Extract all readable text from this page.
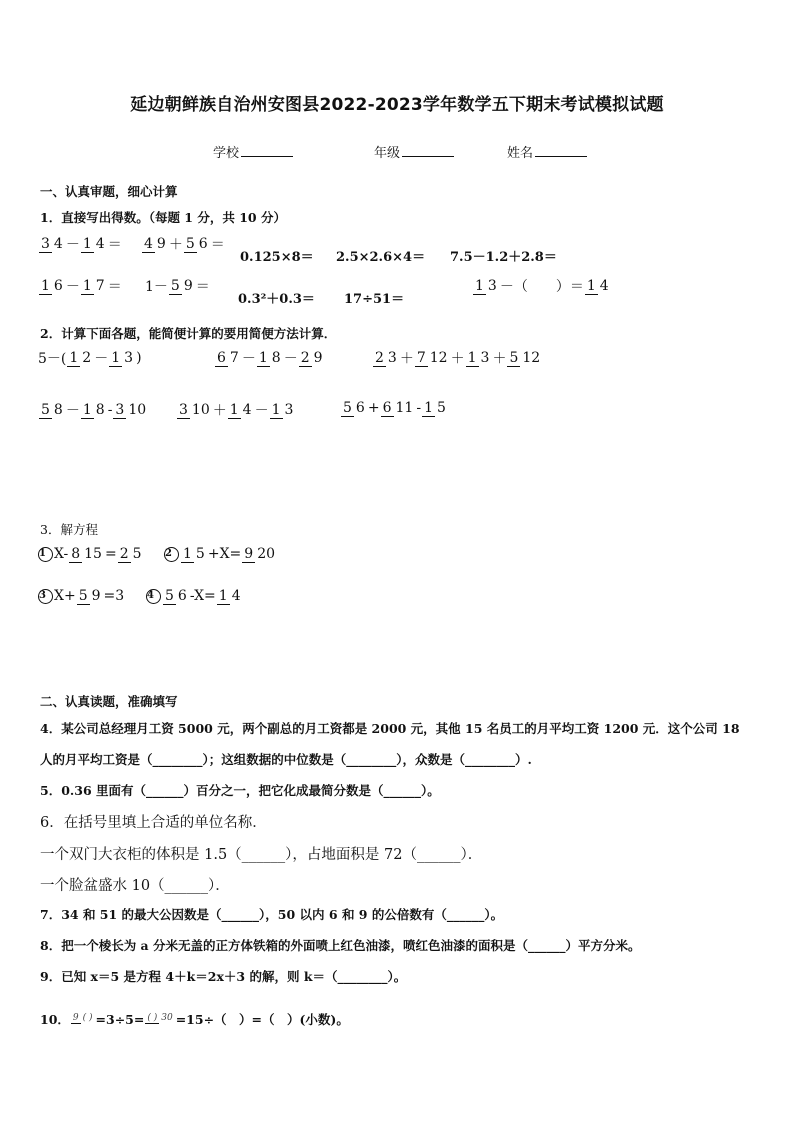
延边朝鲜族自治州安图县2022-2023学年数学五下期末考试模拟试题
学校	年级	姓名
一、认真审题，细心计算
1．直接写出得数。（每题 1 分，共 10 分）
3 4 － 1 4 ＝ 4 9 ＋ 5 6 ＝
0.125×8＝ 2.5×2.6×4＝ 7.5－1.2＋2.8＝
1 6 － 1 7 ＝ 1－ 5 9 ＝
0.3²＋0.3＝ 17÷51＝
1 3 －（　　）＝ 1 4
2．计算下面各题，能简便计算的要用简便方法计算．
5－( 1 2 － 1 3 )	6 7 － 1 8 － 2 9	2 3 ＋ 7 12 ＋ 1 3 ＋ 5 12
5 8 － 1 8 - 3 10 3 10 ＋ 1 4 － 1 3	5 6 + 6 11 - 1 5
3．解方程
1 X- 8 15 = 2 5 2 1 5 +X= 9 20
3 X+ 5 9 =3 4 5 6 -X= 1 4
二、认真读题，准确填写
4．某公司总经理月工资 5000 元，两个副总的月工资都是 2000 元，其他 15 名员工的月平均工资 1200 元．这个公司 18
人的月平均工资是（________）；这组数据的中位数是（________），众数是（________）.
5．0.36 里面有（______）百分之一，把它化成最简分数是（______）。
6．在括号里填上合适的单位名称．
一个双门大衣柜的体积是 1.5（______），占地面积是 72（______）．
一个脸盆盛水 10（______）．
7．34 和 51 的最大公因数是（______），50 以内 6 和 9 的公倍数有（______）。
8．把一个棱长为 a 分米无盖的正方体铁箱的外面喷上红色油漆，喷红色油漆的面积是（______）平方分米。
9．已知 x＝5 是方程 4＋k＝2x＋3 的解，则 k＝（________）。
10． 9 ( ) =3÷5= ( ) 30 =15÷（　）=（　）(小数)。
